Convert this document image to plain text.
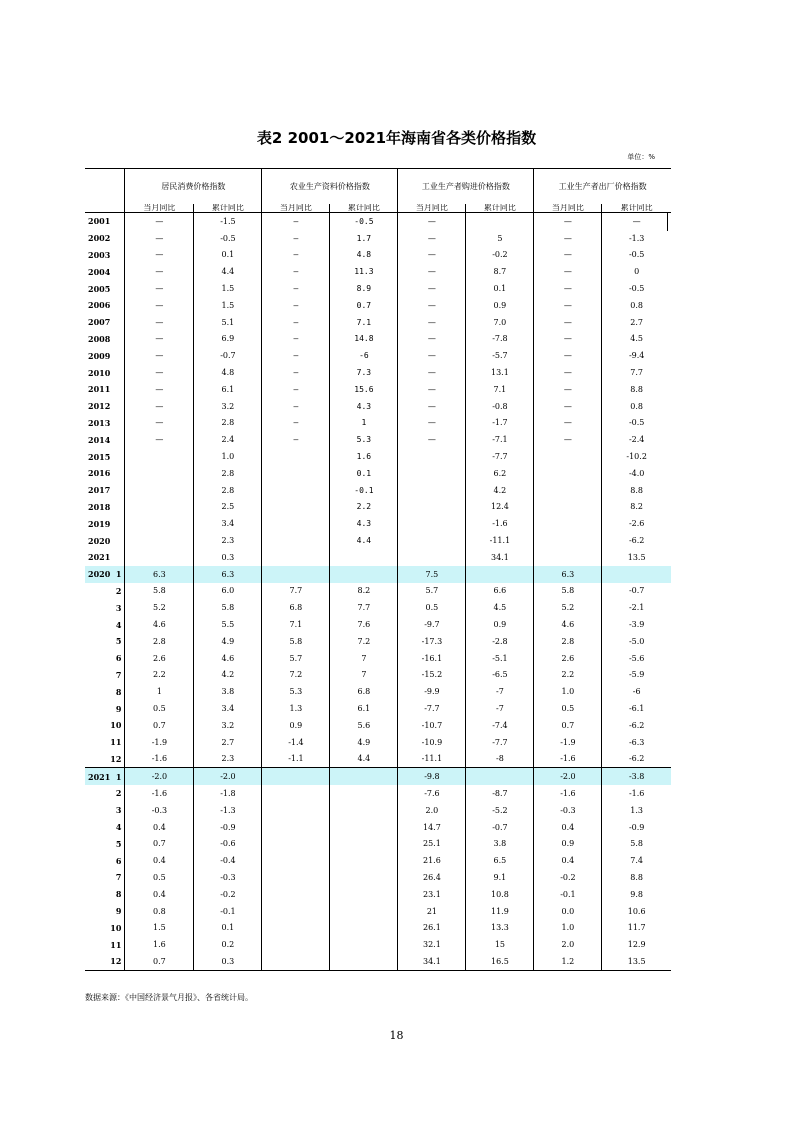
表2 2001～2021年海南省各类价格指数
单位：%
		居民消费价格指数		农业生产资料价格指数		工业生产者购进价格指数		工业生产者出厂价格指数	
		当月同比	累计同比	当月同比	累计同比	当月同比	累计同比	当月同比	累计同比
2001		—	-1.5	—	-0.5	—		—	—
2002		—	-0.5	—	1.7	—	5	—	-1.3
2003		—	0.1	—	4.8	—	-0.2	—	-0.5
2004		—	4.4	—	11.3	—	8.7	—	0
2005		—	1.5	—	8.9	—	0.1	—	-0.5
2006		—	1.5	—	0.7	—	0.9	—	0.8
2007		—	5.1	—	7.1	—	7.0	—	2.7
2008		—	6.9	—	14.8	—	-7.8	—	4.5
2009		—	-0.7	—	-6	—	-5.7	—	-9.4
2010		—	4.8	—	7.3	—	13.1	—	7.7
2011		—	6.1	—	15.6	—	7.1	—	8.8
2012		—	3.2	—	4.3	—	-0.8	—	0.8
2013		—	2.8	—	1	—	-1.7	—	-0.5
2014		—	2.4	—	5.3	—	-7.1	—	-2.4
2015			1.0		1.6		-7.7		-10.2
2016			2.8		0.1		6.2		-4.0
2017			2.8		-0.1		4.2		8.8
2018			2.5		2.2		12.4		8.2
2019			3.4		4.3		-1.6		-2.6
2020			2.3		4.4		-11.1		-6.2
2021			0.3				34.1		13.5
2020	1	6.3	6.3			7.5		6.3	
	2	5.8	6.0	7.7	8.2	5.7	6.6	5.8	-0.7
	3	5.2	5.8	6.8	7.7	0.5	4.5	5.2	-2.1
	4	4.6	5.5	7.1	7.6	-9.7	0.9	4.6	-3.9
	5	2.8	4.9	5.8	7.2	-17.3	-2.8	2.8	-5.0
	6	2.6	4.6	5.7	7	-16.1	-5.1	2.6	-5.6
	7	2.2	4.2	7.2	7	-15.2	-6.5	2.2	-5.9
	8	1	3.8	5.3	6.8	-9.9	-7	1.0	-6
	9	0.5	3.4	1.3	6.1	-7.7	-7	0.5	-6.1
	10	0.7	3.2	0.9	5.6	-10.7	-7.4	0.7	-6.2
	11	-1.9	2.7	-1.4	4.9	-10.9	-7.7	-1.9	-6.3
	12	-1.6	2.3	-1.1	4.4	-11.1	-8	-1.6	-6.2
2021	1	-2.0	-2.0			-9.8		-2.0	-3.8
	2	-1.6	-1.8			-7.6	-8.7	-1.6	-1.6
	3	-0.3	-1.3			2.0	-5.2	-0.3	1.3
	4	0.4	-0.9			14.7	-0.7	0.4	-0.9
	5	0.7	-0.6			25.1	3.8	0.9	5.8
	6	0.4	-0.4			21.6	6.5	0.4	7.4
	7	0.5	-0.3			26.4	9.1	-0.2	8.8
	8	0.4	-0.2			23.1	10.8	-0.1	9.8
	9	0.8	-0.1			21	11.9	0.0	10.6
	10	1.5	0.1			26.1	13.3	1.0	11.7
	11	1.6	0.2			32.1	15	2.0	12.9
	12	0.7	0.3			34.1	16.5	1.2	13.5
数据来源：《中国经济景气月报》、各省统计局。
18
